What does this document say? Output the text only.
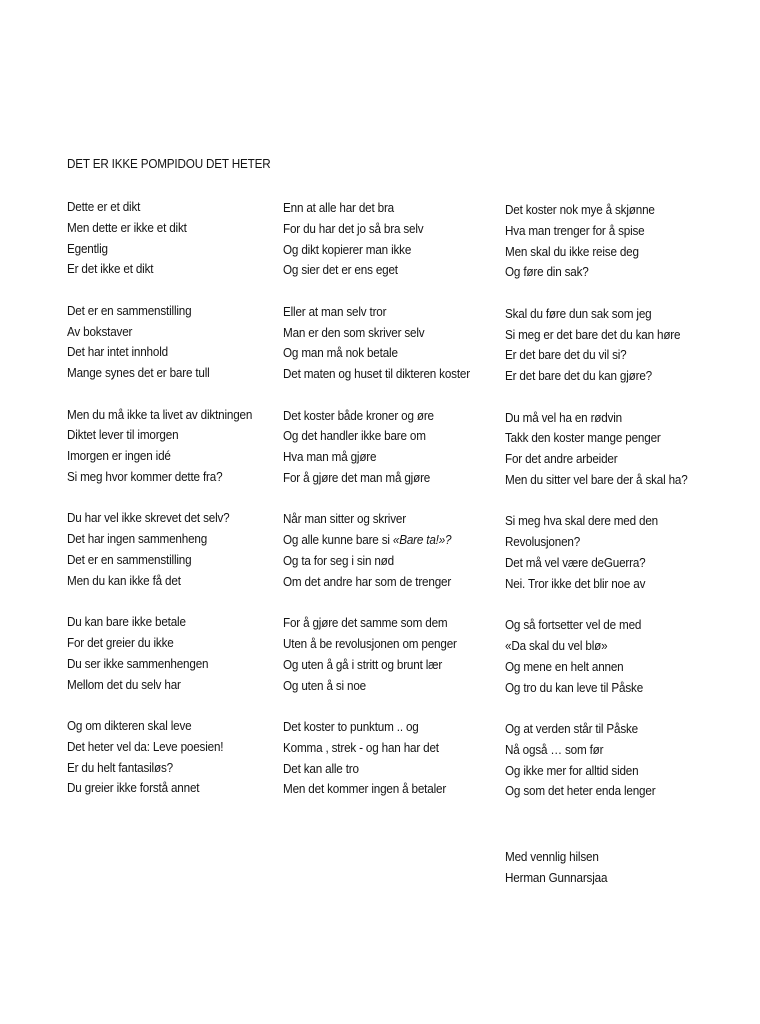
DET ER IKKE POMPIDOU DET HETER
Dette er et dikt
Men dette er ikke et dikt
Egentlig
Er det ikke et dikt
Det er en sammenstilling
Av bokstaver
Det har intet innhold
Mange synes det er bare tull
Men du må ikke ta livet av diktningen
Diktet lever til imorgen
Imorgen er ingen idé
Si meg hvor kommer dette fra?
Du har vel ikke skrevet det selv?
Det har ingen sammenheng
Det er en sammenstilling
Men du kan ikke få det
Du kan bare ikke betale
For det greier du ikke
Du ser ikke sammenhengen
Mellom det du selv har
Og om dikteren skal leve
Det heter vel da: Leve poesien!
Er du helt fantasiløs?
Du greier ikke forstå annet
Enn at alle har det bra
For du har det jo så bra selv
Og dikt kopierer man ikke
Og sier det er ens eget
Eller at man selv tror
Man er den som skriver selv
Og man må nok betale
Det maten og huset til dikteren koster
Det koster både kroner og øre
Og det handler ikke bare om
Hva man må gjøre
For å gjøre det man må gjøre
Når man sitter og skriver
Og alle kunne bare si «Bare ta!»?
Og ta for seg i sin nød
Om det andre har som de trenger
For å gjøre det samme som dem
Uten å be revolusjonen om penger
Og uten å gå i stritt og brunt lær
Og uten å si noe
Det koster to punktum .. og
Komma , strek - og han har det
Det kan alle tro
Men det kommer ingen å betaler
Det koster nok mye å skjønne
Hva man trenger for å spise
Men skal du ikke reise deg
Og føre din sak?
Skal du føre dun sak som jeg
Si meg er det bare det du kan høre
Er det bare det du vil si?
Er det bare det du kan gjøre?
Du må vel ha en rødvin
Takk den koster mange penger
For det andre arbeider
Men du sitter vel bare der å skal ha?
Si meg hva skal dere med den
Revolusjonen?
Det må vel være deGuerra?
Nei. Tror ikke det blir noe av
Og så fortsetter vel de med
«Da skal du vel blø»
Og mene en helt annen
Og tro du kan leve til Påske
Og at verden står til Påske
Nå også … som før
Og ikke mer for alltid siden
Og som det heter enda lenger
Med vennlig hilsen
Herman Gunnarsjaa
